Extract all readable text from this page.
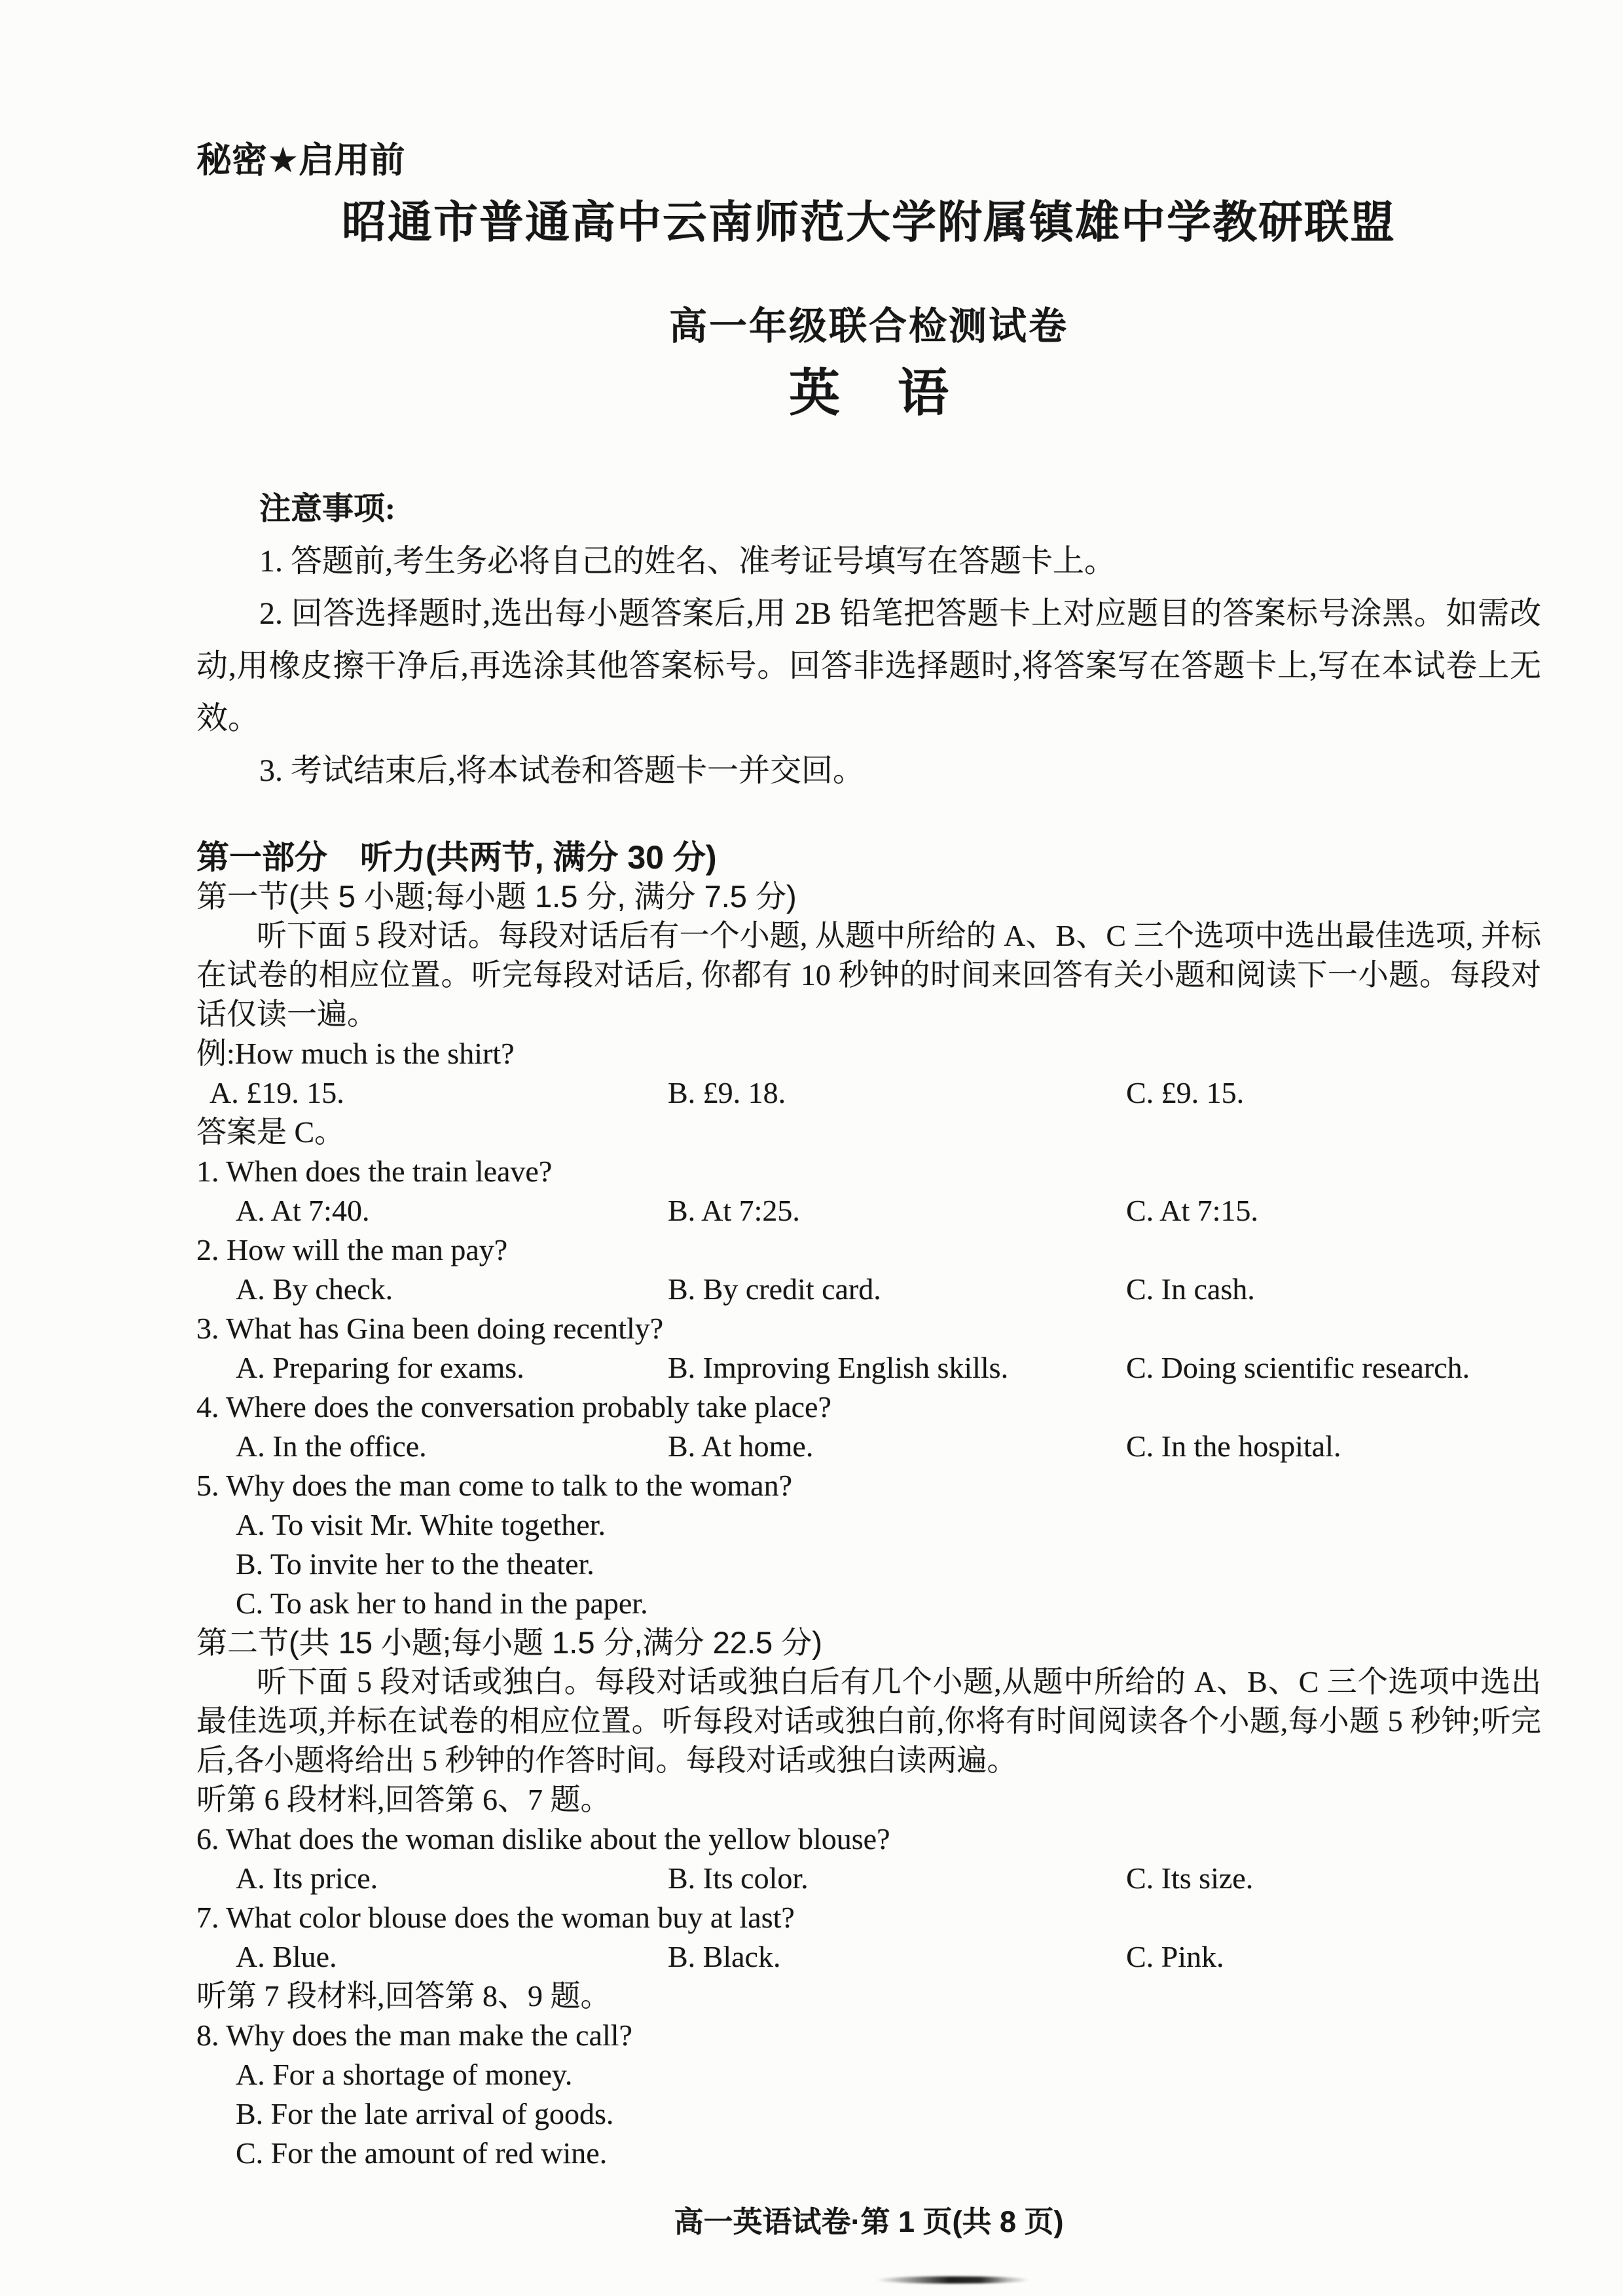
秘密★启用前

昭通市普通高中云南师范大学附属镇雄中学教研联盟
高一年级联合检测试卷
英 语

注意事项:

1. 答题前,考生务必将自己的姓名、准考证号填写在答题卡上。

2. 回答选择题时,选出每小题答案后,用 2B 铅笔把答题卡上对应题目的答案标号涂黑。如需改动,用橡皮擦干净后,再选涂其他答案标号。回答非选择题时,将答案写在答题卡上,写在本试卷上无效。

3. 考试结束后,将本试卷和答题卡一并交回。

第一部分　听力(共两节, 满分 30 分)

第一节(共 5 小题;每小题 1.5 分, 满分 7.5 分)

听下面 5 段对话。每段对话后有一个小题, 从题中所给的 A、B、C 三个选项中选出最佳选项, 并标在试卷的相应位置。听完每段对话后, 你都有 10 秒钟的时间来回答有关小题和阅读下一小题。每段对话仅读一遍。

例:How much is the shirt?

A. £19. 15.	B. £9. 18.	C. £9. 15.

答案是 C。

1. When does the train leave?

A. At 7:40.	B. At 7:25.	C. At 7:15.

2. How will the man pay?

A. By check.	B. By credit card.	C. In cash.

3. What has Gina been doing recently?

A. Preparing for exams.	B. Improving English skills.	C. Doing scientific research.

4. Where does the conversation probably take place?

A. In the office.	B. At home.	C. In the hospital.

5. Why does the man come to talk to the woman?

A. To visit Mr. White together.

B. To invite her to the theater.

C. To ask her to hand in the paper.

第二节(共 15 小题;每小题 1.5 分,满分 22.5 分)

听下面 5 段对话或独白。每段对话或独白后有几个小题,从题中所给的 A、B、C 三个选项中选出最佳选项,并标在试卷的相应位置。听每段对话或独白前,你将有时间阅读各个小题,每小题 5 秒钟;听完后,各小题将给出 5 秒钟的作答时间。每段对话或独白读两遍。

听第 6 段材料,回答第 6、7 题。

6. What does the woman dislike about the yellow blouse?

A. Its price.	B. Its color.	C. Its size.

7. What color blouse does the woman buy at last?

A. Blue.	B. Black.	C. Pink.

听第 7 段材料,回答第 8、9 题。

8. Why does the man make the call?

A. For a shortage of money.

B. For the late arrival of goods.

C. For the amount of red wine.

高一英语试卷·第 1 页(共 8 页)
